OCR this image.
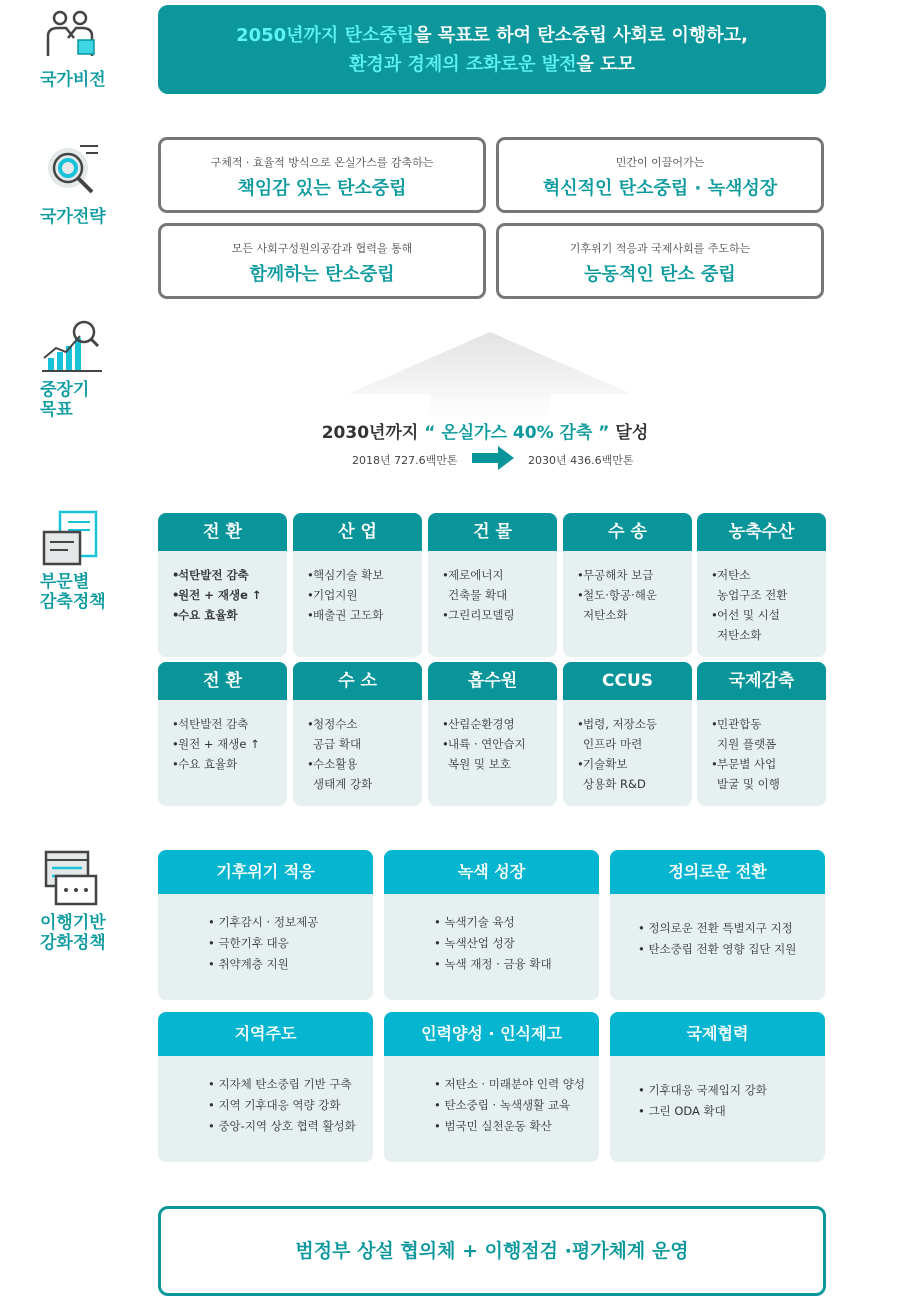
국가비전
국가전략
중장기
목표
부문별
감축정책
이행기반
강화정책
2050년까지 탄소중립을 목표로 하여 탄소중립 사회로 이행하고,
환경과 경제의 조화로운 발전을 도모
구체적 · 효율적 방식으로 온실가스를 감축하는
책임감 있는 탄소중립
민간이 이끌어가는
혁신적인 탄소중립 · 녹색성장
모든 사회구성원의공감과 협력을 통해
함께하는 탄소중립
기후위기 적응과 국제사회를 주도하는
능동적인 탄소 중립
2030년까지 “ 온실가스 40% 감축 ” 달성
2018년 727.6백만톤	2030년 436.6백만톤
전 환
• 석탄발전 감축
• 원전 + 재생e ↑
• 수요 효율화
산 업
• 핵심기술 확보
• 기업지원
• 배출권 고도화
건 물
• 제로에너지
건축물 확대
• 그린리모델링
수 송
• 무공해차 보급
• 철도·항공·해운
저탄소화
농축수산
• 저탄소
농업구조 전환
• 어선 및 시설
저탄소화
전 환
• 석탄발전 감축
• 원전 + 재생e ↑
• 수요 효율화
수 소
• 청정수소
공급 확대
• 수소활용
생태계 강화
흡수원
• 산림순환경영
• 내륙 · 연안습지
복원 및 보호
CCUS
• 법령, 저장소등
인프라 마련
• 기술확보
상용화 R&D
국제감축
• 민관합동
지원 플랫폼
• 부문별 사업
발굴 및 이행
기후위기 적응
• 기후감시 · 정보제공
• 극한기후 대응
• 취약계층 지원
녹색 성장
• 녹색기술 육성
• 녹색산업 성장
• 녹색 재정 · 금융 확대
정의로운 전환
• 정의로운 전환 특별지구 지정
• 탄소중립 전환 영향 집단 지원
지역주도
• 지자체 탄소중립 기반 구축
• 지역 기후대응 역량 강화
• 중앙-지역 상호 협력 활성화
인력양성 · 인식제고
• 저탄소 · 미래분야 인력 양성
• 탄소중립 · 녹색생활 교육
• 범국민 실천운동 확산
국제협력
• 기후대응 국제입지 강화
• 그린 ODA 확대
범정부 상설 협의체 + 이행점검 ·평가체계 운영
